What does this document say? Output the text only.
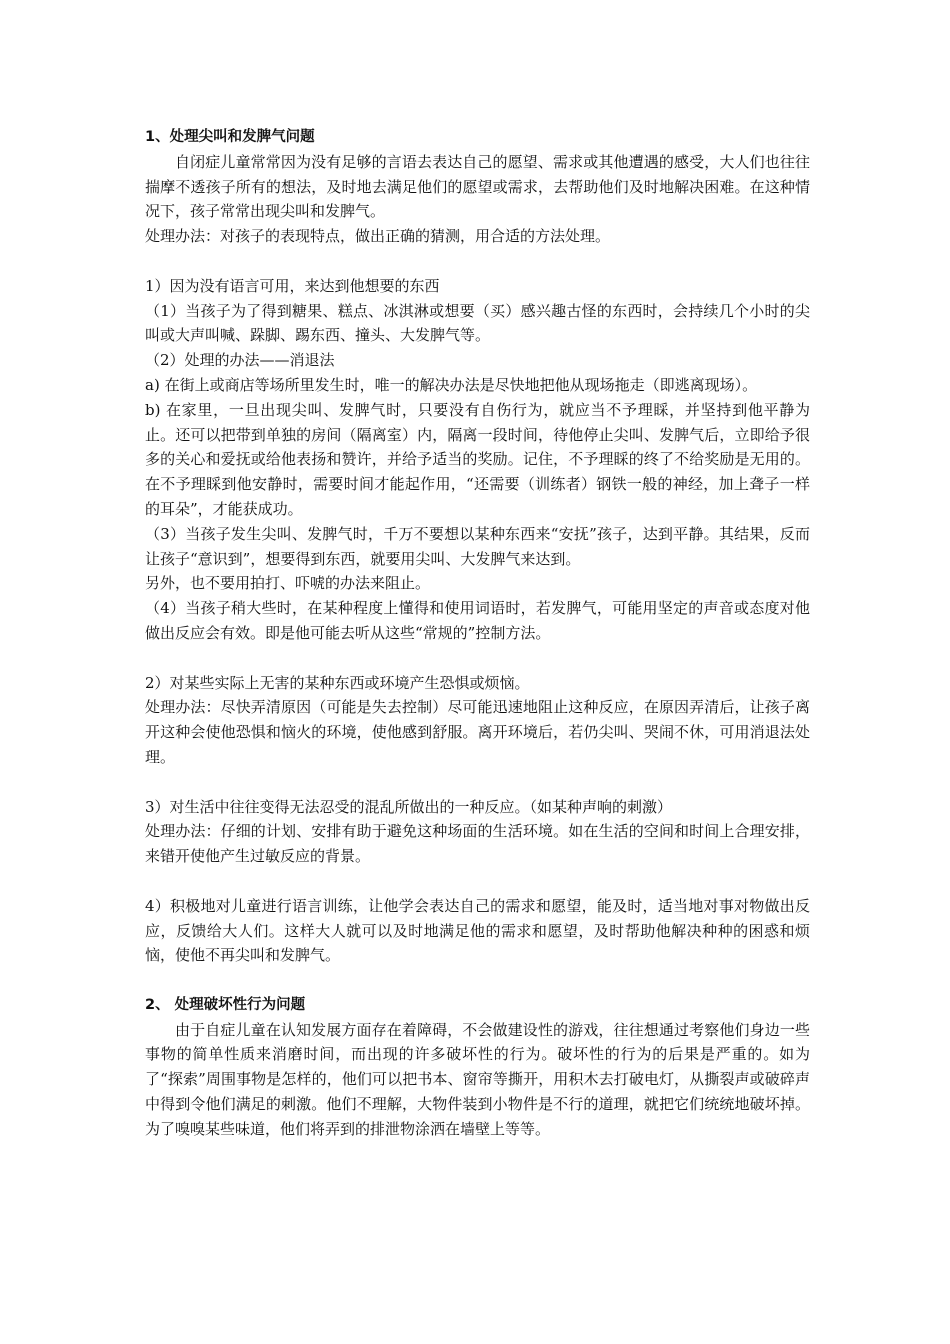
1、处理尖叫和发脾气问题

自闭症儿童常常因为没有足够的言语去表达自己的愿望、需求或其他遭遇的感受，大人们也往往揣摩不透孩子所有的想法，及时地去满足他们的愿望或需求，去帮助他们及时地解决困难。在这种情况下，孩子常常出现尖叫和发脾气。

处理办法：对孩子的表现特点，做出正确的猜测，用合适的方法处理。

1）因为没有语言可用，来达到他想要的东西

（1）当孩子为了得到糖果、糕点、冰淇淋或想要（买）感兴趣古怪的东西时，会持续几个小时的尖叫或大声叫喊、跺脚、踢东西、撞头、大发脾气等。

（2）处理的办法——消退法

a) 在街上或商店等场所里发生时，唯一的解决办法是尽快地把他从现场拖走（即逃离现场）。

b) 在家里，一旦出现尖叫、发脾气时，只要没有自伤行为，就应当不予理睬，并坚持到他平静为止。还可以把带到单独的房间（隔离室）内，隔离一段时间，待他停止尖叫、发脾气后，立即给予很多的关心和爱抚或给他表扬和赞许，并给予适当的奖励。记住，不予理睬的终了不给奖励是无用的。在不予理睬到他安静时，需要时间才能起作用，“还需要（训练者）钢铁一般的神经，加上聋子一样的耳朵”，才能获成功。

（3）当孩子发生尖叫、发脾气时，千万不要想以某种东西来“安抚”孩子，达到平静。其结果，反而让孩子“意识到”，想要得到东西，就要用尖叫、大发脾气来达到。

另外，也不要用拍打、吓唬的办法来阻止。

（4）当孩子稍大些时，在某种程度上懂得和使用词语时，若发脾气，可能用坚定的声音或态度对他做出反应会有效。即是他可能去听从这些“常规的”控制方法。

2）对某些实际上无害的某种东西或环境产生恐惧或烦恼。

处理办法：尽快弄清原因（可能是失去控制）尽可能迅速地阻止这种反应，在原因弄清后，让孩子离开这种会使他恐惧和恼火的环境，使他感到舒服。离开环境后，若仍尖叫、哭闹不休，可用消退法处理。

3）对生活中往往变得无法忍受的混乱所做出的一种反应。（如某种声响的刺激）

处理办法：仔细的计划、安排有助于避免这种场面的生活环境。如在生活的空间和时间上合理安排，来错开使他产生过敏反应的背景。

4）积极地对儿童进行语言训练，让他学会表达自己的需求和愿望，能及时，适当地对事对物做出反应，反馈给大人们。这样大人就可以及时地满足他的需求和愿望，及时帮助他解决种种的困惑和烦恼，使他不再尖叫和发脾气。

2、 处理破坏性行为问题

由于自症儿童在认知发展方面存在着障碍，不会做建设性的游戏，往往想通过考察他们身边一些事物的简单性质来消磨时间，而出现的许多破坏性的行为。破坏性的行为的后果是严重的。如为了“探索”周围事物是怎样的，他们可以把书本、窗帘等撕开，用积木去打破电灯，从撕裂声或破碎声中得到令他们满足的刺激。他们不理解，大物件装到小物件是不行的道理，就把它们统统地破坏掉。为了嗅嗅某些味道，他们将弄到的排泄物涂洒在墙壁上等等。
